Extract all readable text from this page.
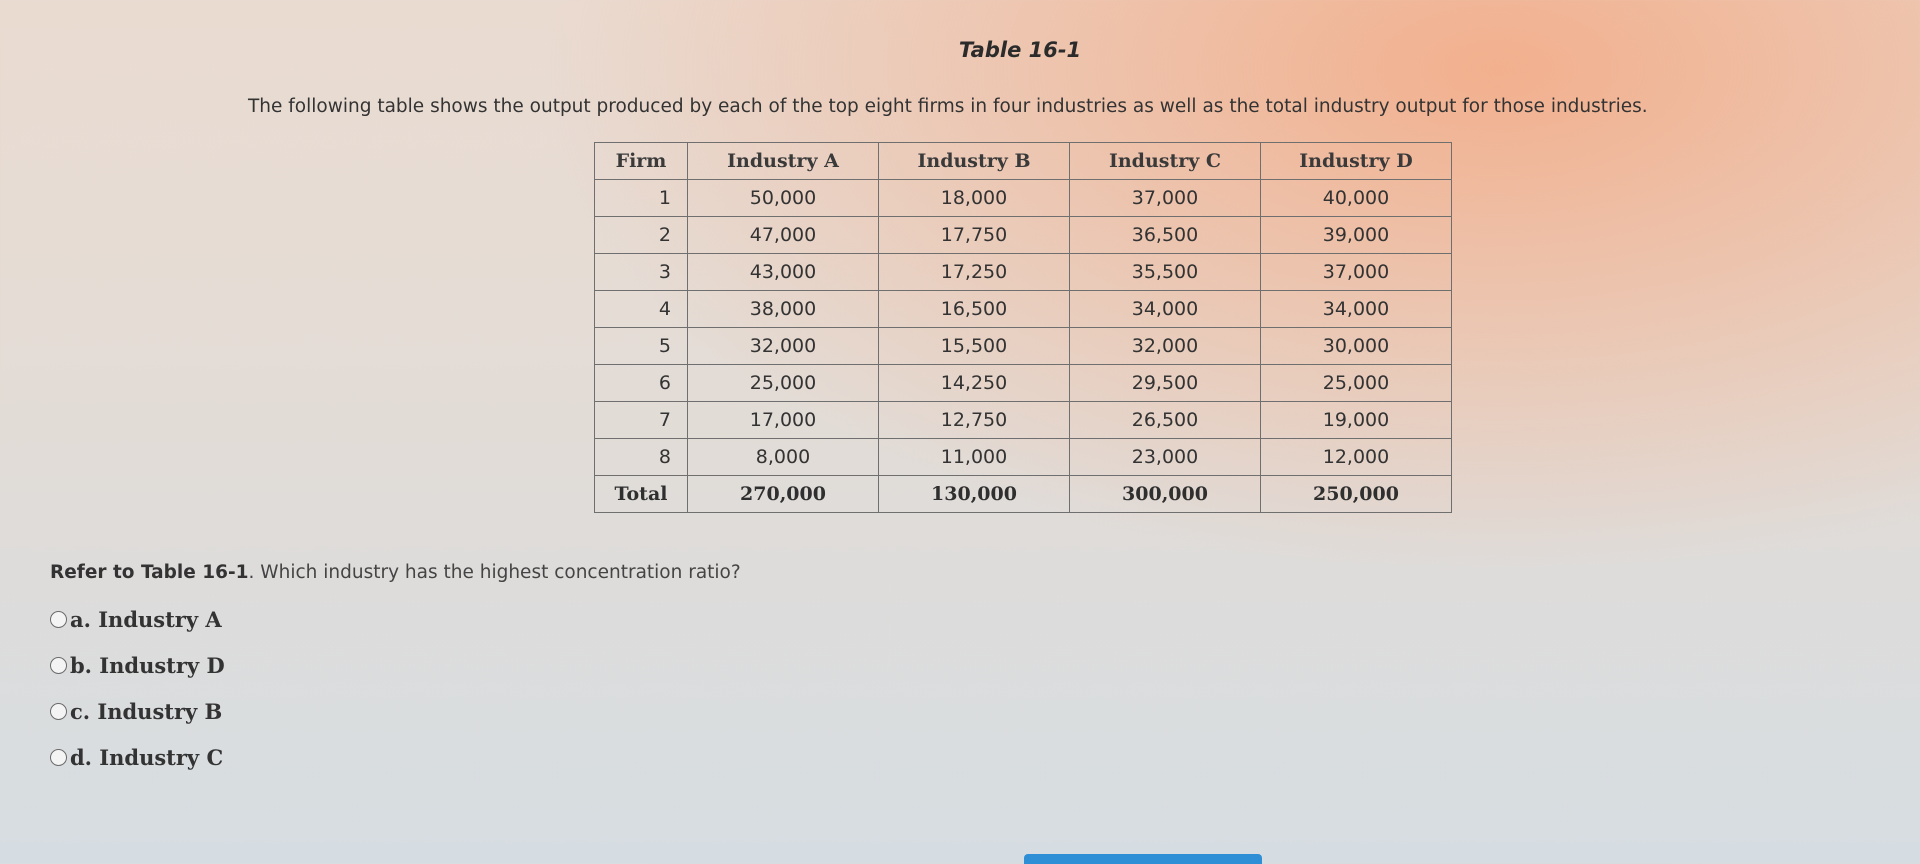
Table 16-1
The following table shows the output produced by each of the top eight firms in four industries as well as the total industry output for those industries.
Firm	Industry A	Industry B	Industry C	Industry D
1	50,000	18,000	37,000	40,000
2	47,000	17,750	36,500	39,000
3	43,000	17,250	35,500	37,000
4	38,000	16,500	34,000	34,000
5	32,000	15,500	32,000	30,000
6	25,000	14,250	29,500	25,000
7	17,000	12,750	26,500	19,000
8	8,000	11,000	23,000	12,000
Total	270,000	130,000	300,000	250,000
Refer to Table 16-1. Which industry has the highest concentration ratio?
a. Industry A
b. Industry D
c. Industry B
d. Industry C
